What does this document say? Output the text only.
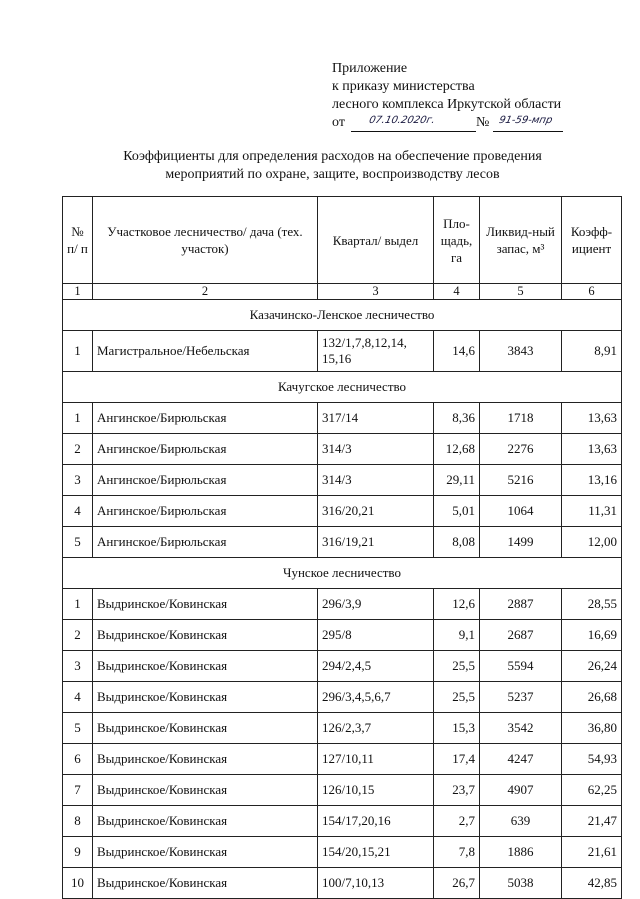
Приложение
к приказу министерства
лесного комплекса Иркутской области
от 07.10.2020г.	№ 91-59-мпр
Коэффициенты для определения расходов на обеспечение проведения
мероприятий по охране, защите, воспроизводству лесов
№ п/ п	Участковое лесничество/ дача (тех. участок)	Квартал/ выдел	Пло-щадь, га	Ликвид-ный запас, м³	Коэфф-ициент
1	2	3	4	5	6
Казачинско-Ленское лесничество					
1	Магистральное/Небельская	132/1,7,8,12,14, 15,16	14,6	3843	8,91
Качугское лесничество					
1	Ангинское/Бирюльская	317/14	8,36	1718	13,63
2	Ангинское/Бирюльская	314/3	12,68	2276	13,63
3	Ангинское/Бирюльская	314/3	29,11	5216	13,16
4	Ангинское/Бирюльская	316/20,21	5,01	1064	11,31
5	Ангинское/Бирюльская	316/19,21	8,08	1499	12,00
Чунское лесничество					
1	Выдринское/Ковинская	296/3,9	12,6	2887	28,55
2	Выдринское/Ковинская	295/8	9,1	2687	16,69
3	Выдринское/Ковинская	294/2,4,5	25,5	5594	26,24
4	Выдринское/Ковинская	296/3,4,5,6,7	25,5	5237	26,68
5	Выдринское/Ковинская	126/2,3,7	15,3	3542	36,80
6	Выдринское/Ковинская	127/10,11	17,4	4247	54,93
7	Выдринское/Ковинская	126/10,15	23,7	4907	62,25
8	Выдринское/Ковинская	154/17,20,16	2,7	639	21,47
9	Выдринское/Ковинская	154/20,15,21	7,8	1886	21,61
10	Выдринское/Ковинская	100/7,10,13	26,7	5038	42,85
